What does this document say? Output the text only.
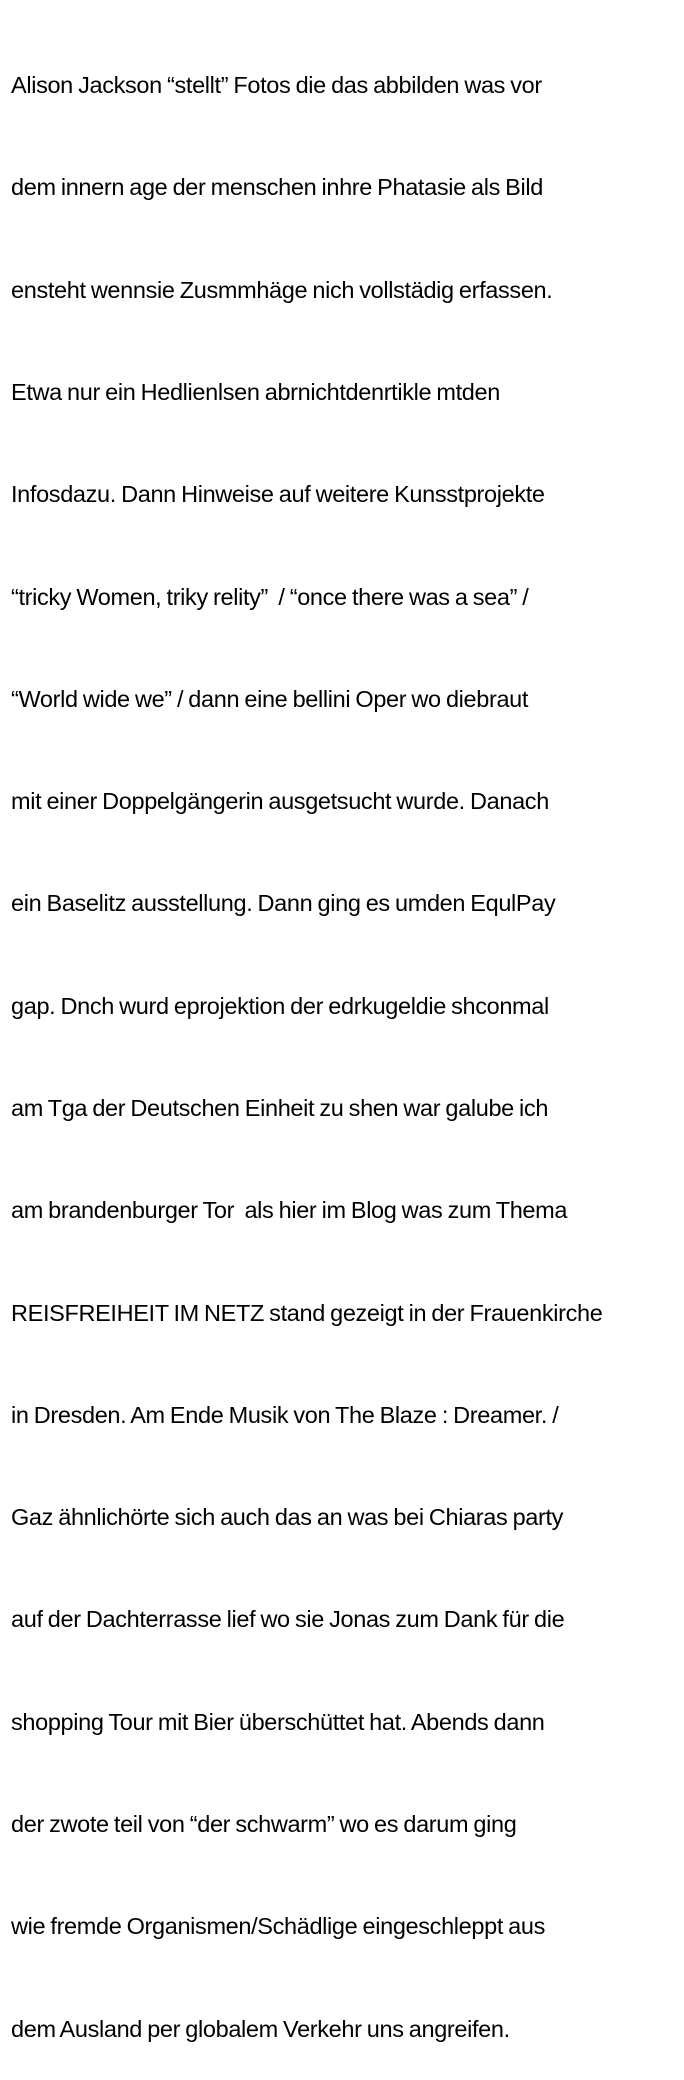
Alison Jackson “stellt” Fotos die das abbilden was vor

dem innern age der menschen inhre Phatasie als Bild

ensteht wennsie Zusmmhäge nich vollstädig erfassen.

Etwa nur ein Hedlienlsen abrnichtdenrtikle mtden

Infosdazu. Dann Hinweise auf weitere Kunsstprojekte

“tricky Women, triky relity”  / “once there was a sea” /

“World wide we” / dann eine bellini Oper wo diebraut

mit einer Doppelgängerin ausgetsucht wurde. Danach

ein Baselitz ausstellung. Dann ging es umden EqulPay

gap. Dnch wurd eprojektion der edrkugeldie shconmal

am Tga der Deutschen Einheit zu shen war galube ich

am brandenburger Tor  als hier im Blog was zum Thema

REISFREIHEIT IM NETZ stand gezeigt in der Frauenkirche

in Dresden. Am Ende Musik von The Blaze : Dreamer. /

Gaz ähnlichörte sich auch das an was bei Chiaras party

auf der Dachterrasse lief wo sie Jonas zum Dank für die

shopping Tour mit Bier überschüttet hat. Abends dann

der zwote teil von “der schwarm” wo es darum ging

wie fremde Organismen/Schädlige eingeschleppt aus

dem Ausland per globalem Verkehr uns angreifen.
